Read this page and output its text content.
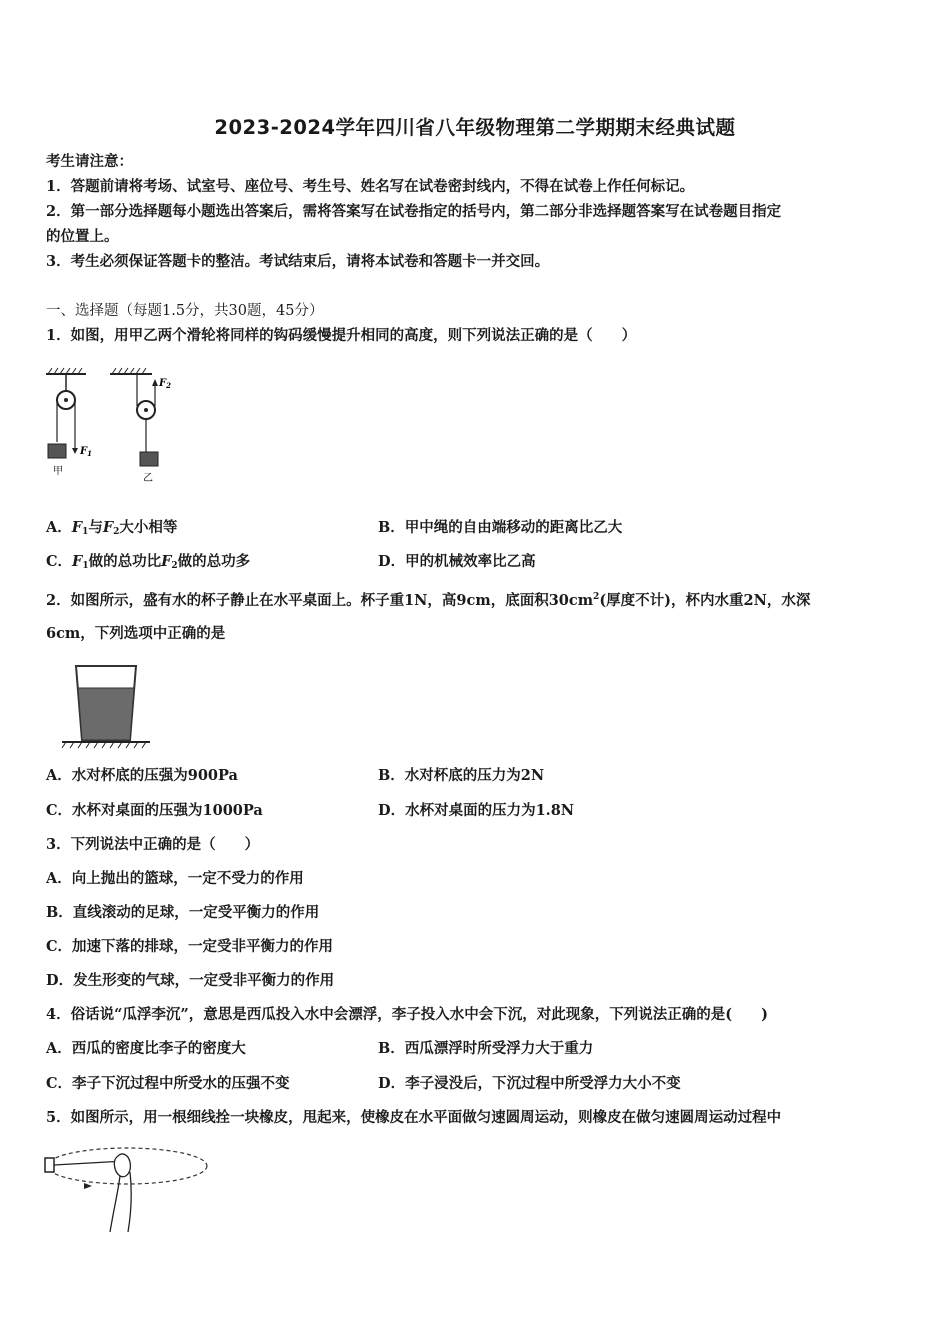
2023-2024学年四川省八年级物理第二学期期末经典试题
考生请注意：
1．答题前请将考场、试室号、座位号、考生号、姓名写在试卷密封线内，不得在试卷上作任何标记。
2．第一部分选择题每小题选出答案后，需将答案写在试卷指定的括号内，第二部分非选择题答案写在试卷题目指定
的位置上。
3．考生必须保证答题卡的整洁。考试结束后，请将本试卷和答题卡一并交回。
一、选择题（每题1.5分，共30题，45分）
1．如图，用甲乙两个滑轮将同样的钩码缓慢提升相同的高度，则下列说法正确的是（　　）
$F_1$
甲
$F_2$
乙
A．$F_1$与$F_2$大小相等	B．甲中绳的自由端移动的距离比乙大
C．$F_1$做的总功比$F_2$做的总功多	D．甲的机械效率比乙高
2．如图所示，盛有水的杯子静止在水平桌面上。杯子重1N，高9cm，底面积$30cm^2$(厚度不计)，杯内水重2N，水深
6cm，下列选项中正确的是
A．水对杯底的压强为900Pa	B．水对杯底的压力为2N
C．水杯对桌面的压强为1000Pa	D．水杯对桌面的压力为1.8N
3．下列说法中正确的是（　　）
A．向上抛出的篮球，一定不受力的作用
B．直线滚动的足球，一定受平衡力的作用
C．加速下落的排球，一定受非平衡力的作用
D．发生形变的气球，一定受非平衡力的作用
4．俗话说“瓜浮李沉”，意思是西瓜投入水中会漂浮，李子投入水中会下沉，对此现象，下列说法正确的是(　　)
A．西瓜的密度比李子的密度大	B．西瓜漂浮时所受浮力大于重力
C．李子下沉过程中所受水的压强不变	D．李子浸没后，下沉过程中所受浮力大小不变
5．如图所示，用一根细线拴一块橡皮，甩起来，使橡皮在水平面做匀速圆周运动，则橡皮在做匀速圆周运动过程中
